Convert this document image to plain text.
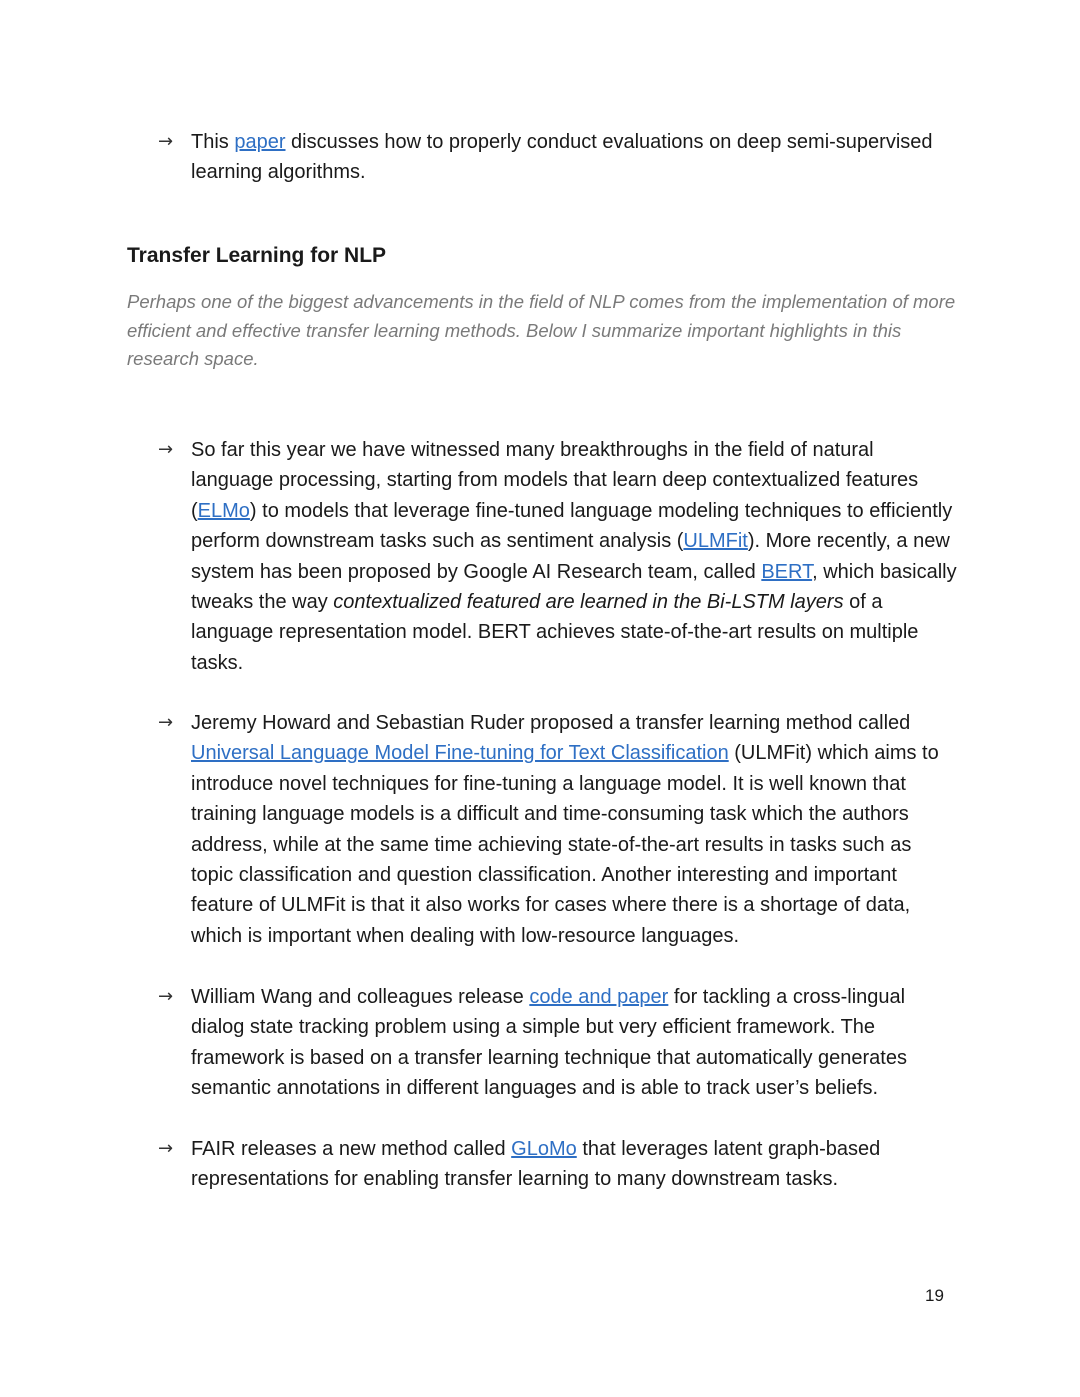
→ This paper discusses how to properly conduct evaluations on deep semi-supervised learning algorithms.
Transfer Learning for NLP

Perhaps one of the biggest advancements in the field of NLP comes from the implementation of more efficient and effective transfer learning methods. Below I summarize important highlights in this research space.

→ So far this year we have witnessed many breakthroughs in the field of natural language processing, starting from models that learn deep contextualized features (ELMo) to models that leverage fine-tuned language modeling techniques to efficiently perform downstream tasks such as sentiment analysis (ULMFit). More recently, a new system has been proposed by Google AI Research team, called BERT, which basically tweaks the way contextualized featured are learned in the Bi-LSTM layers of a language representation model. BERT achieves state-of-the-art results on multiple tasks.
→ Jeremy Howard and Sebastian Ruder proposed a transfer learning method called Universal Language Model Fine-tuning for Text Classification (ULMFit) which aims to introduce novel techniques for fine-tuning a language model. It is well known that training language models is a difficult and time-consuming task which the authors address, while at the same time achieving state-of-the-art results in tasks such as topic classification and question classification. Another interesting and important feature of ULMFit is that it also works for cases where there is a shortage of data, which is important when dealing with low-resource languages.
→ William Wang and colleagues release code and paper for tackling a cross-lingual dialog state tracking problem using a simple but very efficient framework. The framework is based on a transfer learning technique that automatically generates semantic annotations in different languages and is able to track user’s beliefs.
→ FAIR releases a new method called GLoMo that leverages latent graph-based representations for enabling transfer learning to many downstream tasks.
19
